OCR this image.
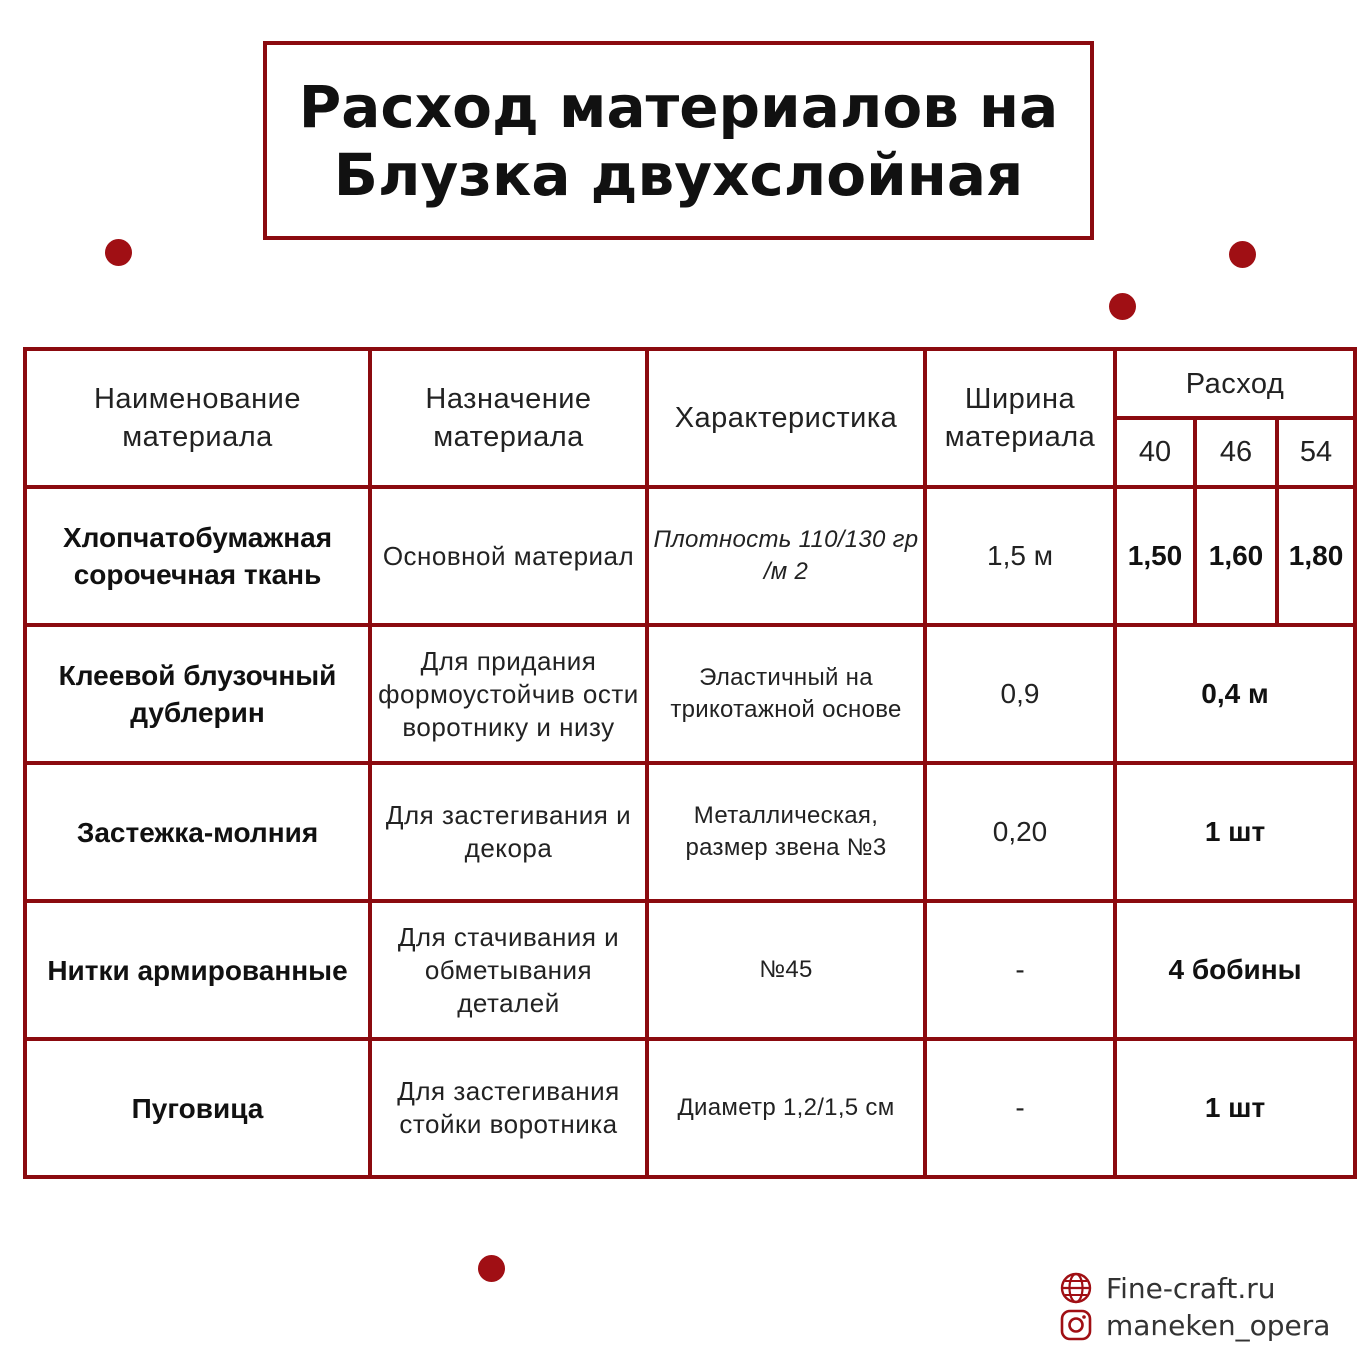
Расход материалов на
Блузка двухслойная
Наименование материала	Назначение материала	Характеристика	Ширина материала	Расход		
				40	46	54
Хлопчатобумажная сорочечная ткань	Основной материал	Плотность 110/130 гр /м 2	1,5 м	1,50	1,60	1,80
Клеевой блузочный дублерин	Для придания формоустойчив ости воротнику и низу	Эластичный на трикотажной основе	0,9	0,4 м		
Застежка-молния	Для застегивания и декора	Металлическая, размер звена №3	0,20	1 шт		
Нитки армированные	Для стачивания и обметывания деталей	№45	-	4 бобины		
Пуговица	Для застегивания стойки воротника	Диаметр 1,2/1,5 см	-	1 шт		
Fine-craft.ru
maneken_opera
